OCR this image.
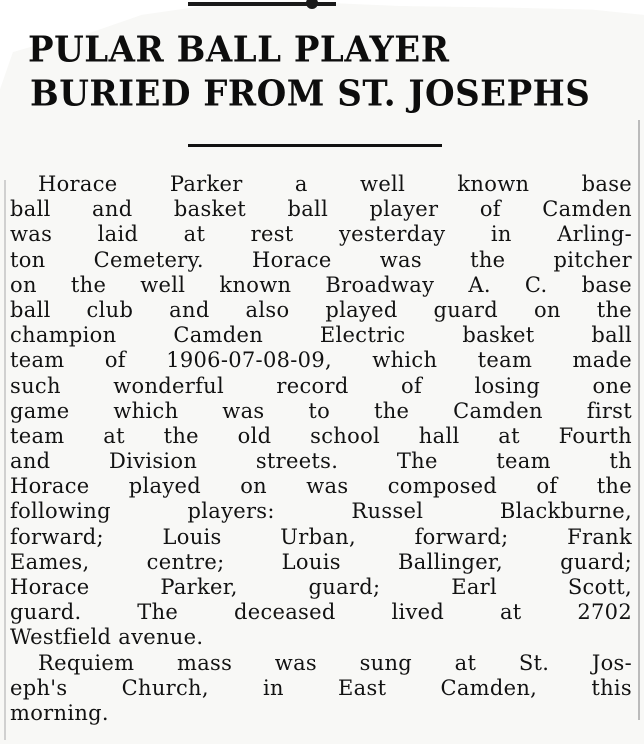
PULAR BALL PLAYER
BURIED FROM ST. JOSEPHS
Horace Parker a well known base
ball and basket ball player of Camden
was laid at rest yesterday in Arling-
ton Cemetery. Horace was the pitcher
on the well known Broadway A. C. base
ball club and also played guard on the
champion Camden Electric basket ball
team of 1906-07-08-09, which team made
such wonderful record of losing one
game which was to the Camden first
team at the old school hall at Fourth
and Division streets. The team th
Horace played on was composed of the
following players: Russel Blackburne,
forward; Louis Urban, forward; Frank
Eames, centre; Louis Ballinger, guard;
Horace Parker, guard; Earl Scott,
guard. The deceased lived at 2702
Westfield avenue.
Requiem mass was sung at St. Jos-
eph's Church, in East Camden, this
morning.
